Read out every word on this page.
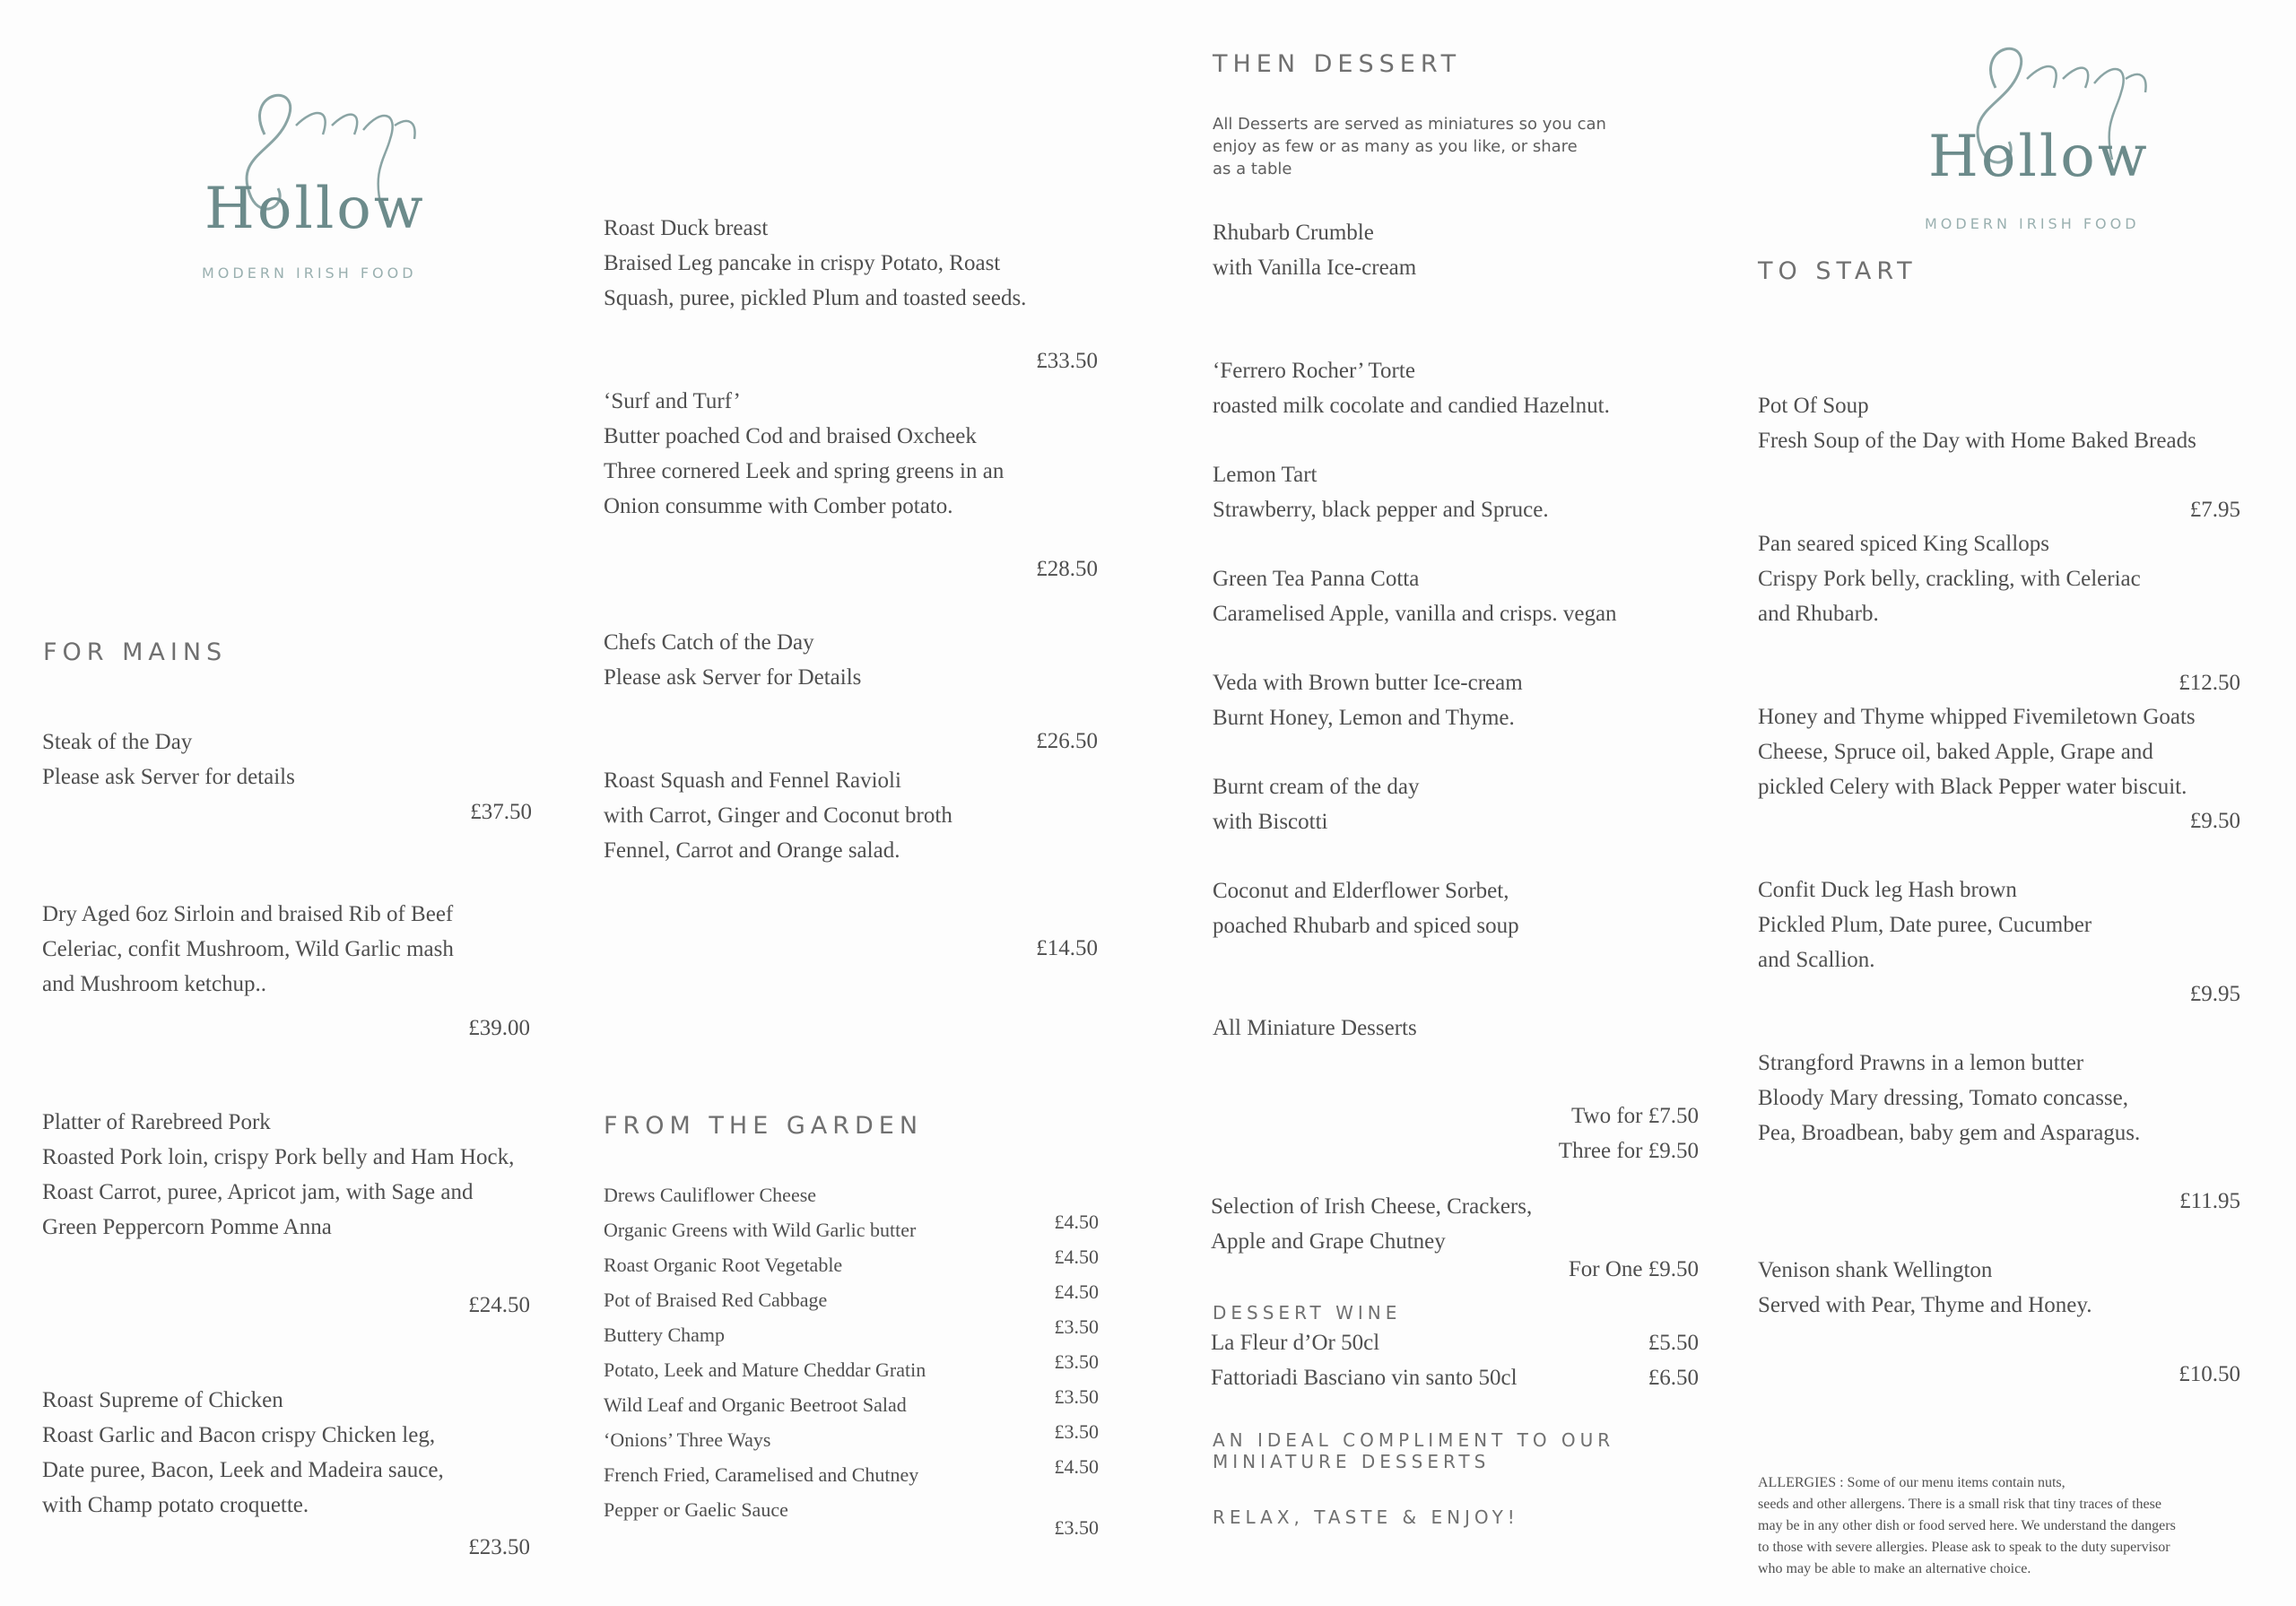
Hollow
MODERN IRISH FOOD
Hollow
MODERN IRISH FOOD
FOR MAINS
Steak of the Day
Please ask Server for details
£37.50
Dry Aged 6oz Sirloin and braised Rib of Beef
Celeriac, confit Mushroom, Wild Garlic mash
and Mushroom ketchup..
£39.00
Platter of Rarebreed Pork
Roasted Pork loin, crispy Pork belly and Ham Hock,
Roast Carrot, puree, Apricot jam, with Sage and
Green Peppercorn Pomme Anna
£24.50
Roast Supreme of Chicken
Roast Garlic and Bacon crispy Chicken leg,
Date puree, Bacon, Leek and Madeira sauce,
with Champ potato croquette.
£23.50
Roast Duck breast
Braised Leg pancake in crispy Potato, Roast
Squash, puree, pickled Plum and toasted seeds.
£33.50
‘Surf and Turf’
Butter poached Cod and braised Oxcheek
Three cornered Leek and spring greens in an
Onion consumme with Comber potato.
£28.50
Chefs Catch of the Day
Please ask Server for Details
£26.50
Roast Squash and Fennel Ravioli
with Carrot, Ginger and Coconut broth
Fennel, Carrot and Orange salad.
£14.50
FROM THE GARDEN
Drews Cauliflower Cheese
Organic Greens with Wild Garlic butter
Roast Organic Root Vegetable
Pot of Braised Red Cabbage
Buttery Champ
Potato, Leek and Mature Cheddar Gratin
Wild Leaf and Organic Beetroot Salad
‘Onions’ Three Ways
French Fried, Caramelised and Chutney
Pepper or Gaelic Sauce
£4.50
£4.50
£4.50
£3.50
£3.50
£3.50
£3.50
£4.50
£3.50
THEN DESSERT
All Desserts are served as miniatures so you can
enjoy as few or as many as you like, or share
as a table
Rhubarb Crumble
with Vanilla Ice-cream
‘Ferrero Rocher’ Torte
roasted milk cocolate and candied Hazelnut.
Lemon Tart
Strawberry, black pepper and Spruce.
Green Tea Panna Cotta
Caramelised Apple, vanilla and crisps. vegan
Veda with Brown butter Ice-cream
Burnt Honey, Lemon and Thyme.
Burnt cream of the day
with Biscotti
Coconut and Elderflower Sorbet,
poached Rhubarb and spiced soup
All Miniature Desserts
Two for £7.50
Three for £9.50
Selection of Irish Cheese, Crackers,
Apple and Grape Chutney
For One £9.50
DESSERT WINE
La Fleur d’Or 50cl
Fattoriadi Basciano vin santo 50cl
£5.50
£6.50
AN IDEAL COMPLIMENT TO OUR
MINIATURE DESSERTS
RELAX, TASTE & ENJOY!
TO START
Pot Of Soup
Fresh Soup of the Day with Home Baked Breads
£7.95
Pan seared spiced King Scallops
Crispy Pork belly, crackling, with Celeriac
and Rhubarb.
£12.50
Honey and Thyme whipped Fivemiletown Goats
Cheese, Spruce oil, baked Apple, Grape and
pickled Celery with Black Pepper water biscuit.
£9.50
Confit Duck leg Hash brown
Pickled Plum, Date puree, Cucumber
and Scallion.
£9.95
Strangford Prawns in a lemon butter
Bloody Mary dressing, Tomato concasse,
Pea, Broadbean, baby gem and Asparagus.
£11.95
Venison shank Wellington
Served with Pear, Thyme and Honey.
£10.50
ALLERGIES : Some of our menu items contain nuts,
seeds and other allergens. There is a small risk that tiny traces of these
may be in any other dish or food served here. We understand the dangers
to those with severe allergies. Please ask to speak to the duty supervisor
who may be able to make an alternative choice.
